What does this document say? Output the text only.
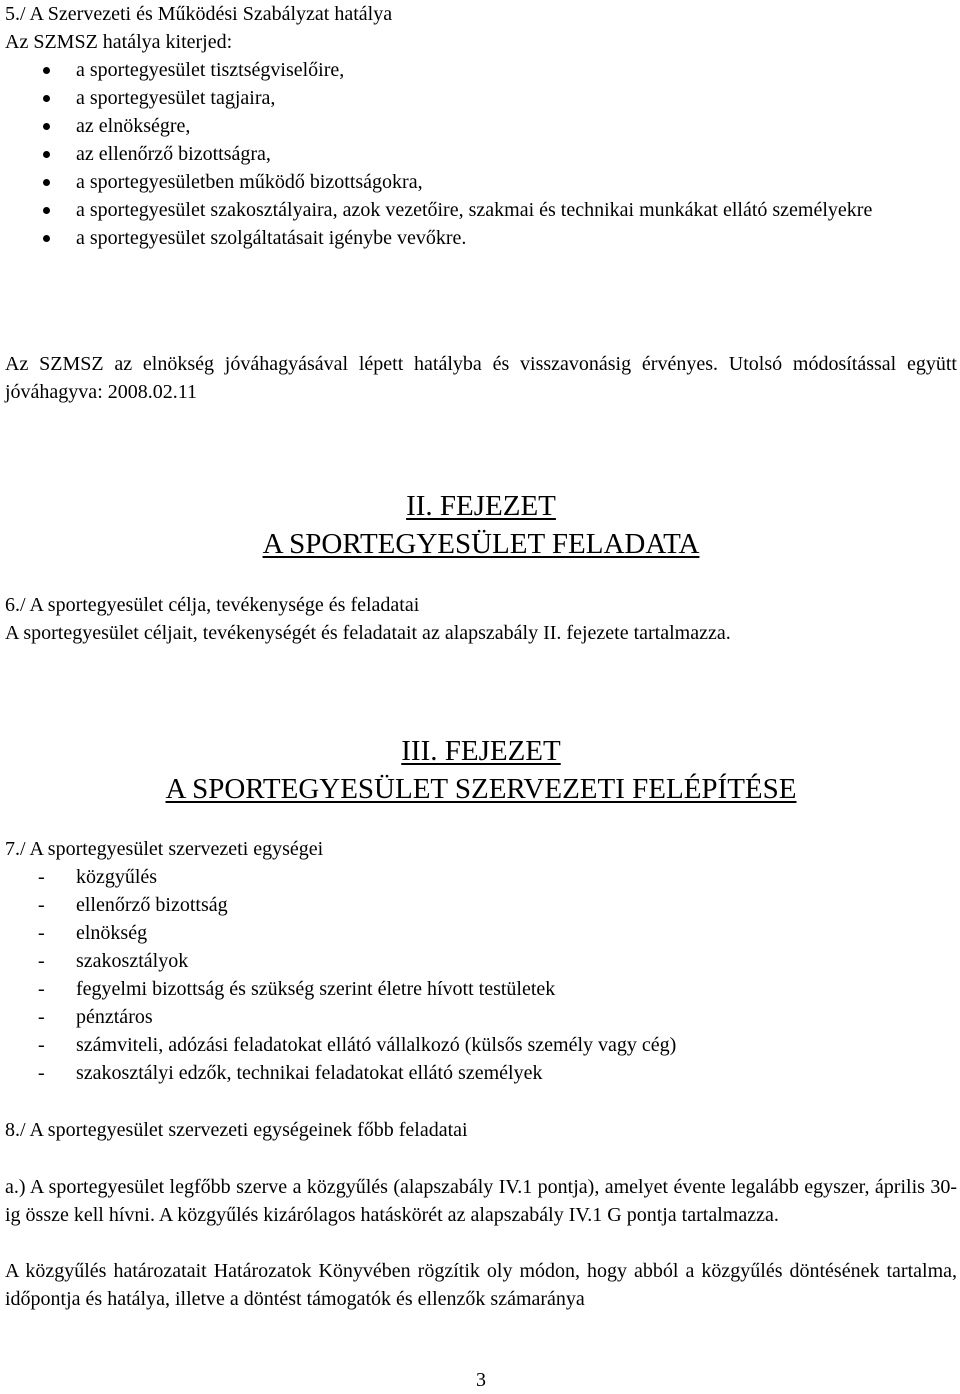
5./ A Szervezeti és Működési Szabályzat hatálya

Az SZMSZ hatálya kiterjed:

a sportegyesület tisztségviselőire,
a sportegyesület tagjaira,
az elnökségre,
az ellenőrző bizottságra,
a sportegyesületben működő bizottságokra,
a sportegyesület szakosztályaira, azok vezetőire, szakmai és technikai munkákat ellátó személyekre
a sportegyesület szolgáltatásait igénybe vevőkre.

Az SZMSZ az elnökség jóváhagyásával lépett hatályba és visszavonásig érvényes. Utolsó módosítással együtt jóváhagyva: 2008.02.11

II. FEJEZET
A SPORTEGYESÜLET FELADATA

6./ A sportegyesület célja, tevékenysége és feladatai

A sportegyesület céljait, tevékenységét és feladatait az alapszabály II. fejezete tartalmazza.

III. FEJEZET
A SPORTEGYESÜLET SZERVEZETI FELÉPÍTÉSE

7./ A sportegyesület szervezeti egységei

- közgyűlés
- ellenőrző bizottság
- elnökség
- szakosztályok
- fegyelmi bizottság és szükség szerint életre hívott testületek
- pénztáros
- számviteli, adózási feladatokat ellátó vállalkozó (külsős személy vagy cég)
- szakosztályi edzők, technikai feladatokat ellátó személyek

8./ A sportegyesület szervezeti egységeinek főbb feladatai

a.) A sportegyesület legfőbb szerve a közgyűlés (alapszabály IV.1 pontja), amelyet évente legalább egyszer, április 30-ig össze kell hívni. A közgyűlés kizárólagos hatáskörét az alapszabály IV.1 G pontja tartalmazza.

A közgyűlés határozatait Határozatok Könyvében rögzítik oly módon, hogy abból a közgyűlés döntésének tartalma, időpontja és hatálya, illetve a döntést támogatók és ellenzők számaránya

3
